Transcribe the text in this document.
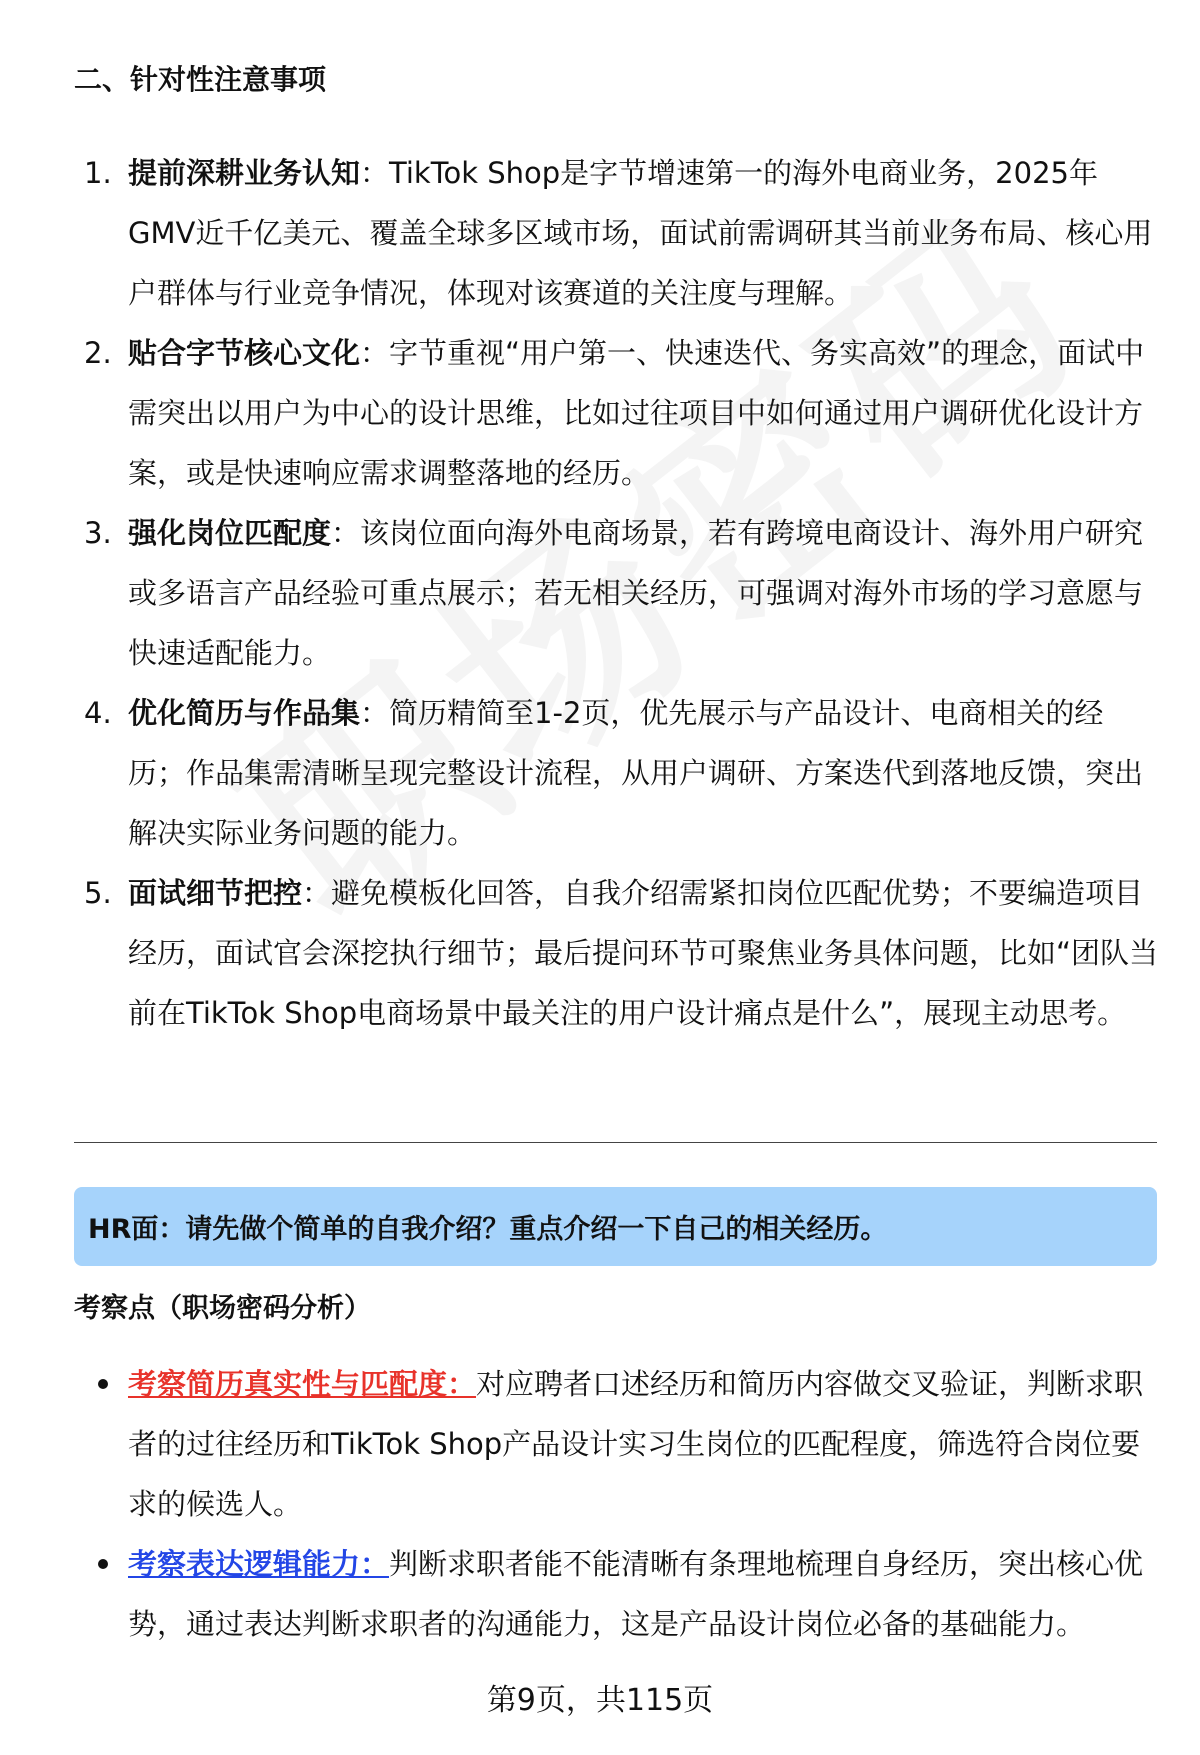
二、针对性注意事项
1. 提前深耕业务认知：TikTok Shop是字节增速第一的海外电商业务，2025年GMV近千亿美元、覆盖全球多区域市场，面试前需调研其当前业务布局、核心用户群体与行业竞争情况，体现对该赛道的关注度与理解。
2. 贴合字节核心文化：字节重视“用户第一、快速迭代、务实高效”的理念，面试中需突出以用户为中心的设计思维，比如过往项目中如何通过用户调研优化设计方案，或是快速响应需求调整落地的经历。
3. 强化岗位匹配度：该岗位面向海外电商场景，若有跨境电商设计、海外用户研究或多语言产品经验可重点展示；若无相关经历，可强调对海外市场的学习意愿与快速适配能力。
4. 优化简历与作品集：简历精简至1-2页，优先展示与产品设计、电商相关的经历；作品集需清晰呈现完整设计流程，从用户调研、方案迭代到落地反馈，突出解决实际业务问题的能力。
5. 面试细节把控：避免模板化回答，自我介绍需紧扣岗位匹配优势；不要编造项目经历，面试官会深挖执行细节；最后提问环节可聚焦业务具体问题，比如“团队当前在TikTok Shop电商场景中最关注的用户设计痛点是什么”，展现主动思考。
HR面：请先做个简单的自我介绍？重点介绍一下自己的相关经历。
考察点（职场密码分析）
考察简历真实性与匹配度：对应聘者口述经历和简历内容做交叉验证，判断求职者的过往经历和TikTok Shop产品设计实习生岗位的匹配程度，筛选符合岗位要求的候选人。
考察表达逻辑能力：判断求职者能不能清晰有条理地梳理自身经历，突出核心优势，通过表达判断求职者的沟通能力，这是产品设计岗位必备的基础能力。
第9页，共115页
